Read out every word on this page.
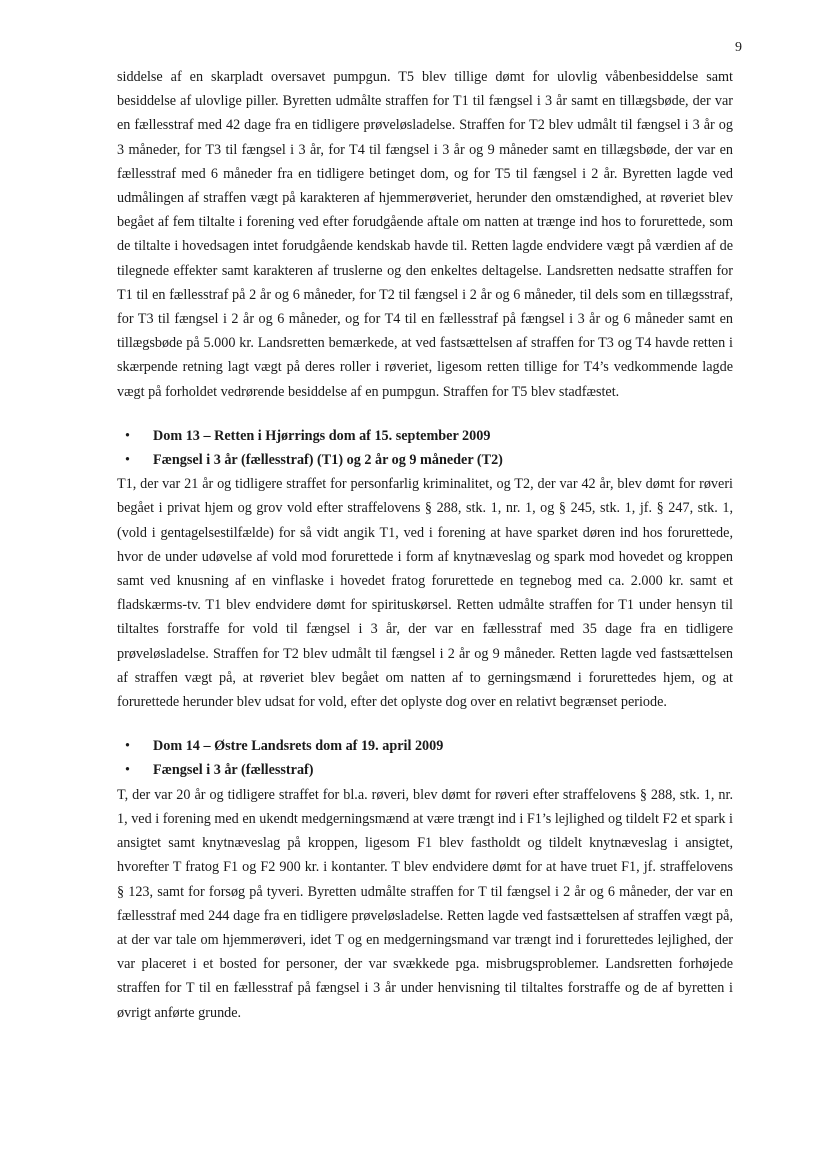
9

siddelse af en skarpladt oversavet pumpgun. T5 blev tillige dømt for ulovlig våbenbesiddelse samt besiddelse af ulovlige piller. Byretten udmålte straffen for T1 til fængsel i 3 år samt en tillægsbøde, der var en fællesstraf med 42 dage fra en tidligere prøveløsladelse. Straffen for T2 blev udmålt til fængsel i 3 år og 3 måneder, for T3 til fængsel i 3 år, for T4 til fængsel i 3 år og 9 måneder samt en tillægsbøde, der var en fællesstraf med 6 måneder fra en tidligere betinget dom, og for T5 til fængsel i 2 år. Byretten lagde ved udmålingen af straffen vægt på karakteren af hjemmerøveriet, herunder den omstændighed, at røveriet blev begået af fem tiltalte i forening ved efter forudgående aftale om natten at trænge ind hos to forurettede, som de tiltalte i hovedsagen intet forudgående kendskab havde til. Retten lagde endvidere vægt på værdien af de tilegnede effekter samt karakteren af truslerne og den enkeltes deltagelse. Landsretten nedsatte straffen for T1 til en fællesstraf på 2 år og 6 måneder, for T2 til fængsel i 2 år og 6 måneder, til dels som en tillægsstraf, for T3 til fængsel i 2 år og 6 måneder, og for T4 til en fællesstraf på fængsel i 3 år og 6 måneder samt en tillægsbøde på 5.000 kr. Landsretten bemærkede, at ved fastsættelsen af straffen for T3 og T4 havde retten i skærpende retning lagt vægt på deres roller i røveriet, ligesom retten tillige for T4’s vedkommende lagde vægt på forholdet vedrørende besiddelse af en pumpgun. Straffen for T5 blev stadfæstet.

• Dom 13 – Retten i Hjørrings dom af 15. september 2009
• Fængsel i 3 år (fællesstraf) (T1) og 2 år og 9 måneder (T2)

T1, der var 21 år og tidligere straffet for personfarlig kriminalitet, og T2, der var 42 år, blev dømt for røveri begået i privat hjem og grov vold efter straffelovens § 288, stk. 1, nr. 1, og § 245, stk. 1, jf. § 247, stk. 1, (vold i gentagelsestilfælde) for så vidt angik T1, ved i forening at have sparket døren ind hos forurettede, hvor de under udøvelse af vold mod forurettede i form af knytnæveslag og spark mod hovedet og kroppen samt ved knusning af en vinflaske i hovedet fratog forurettede en tegnebog med ca. 2.000 kr. samt et fladskærms-tv. T1 blev endvidere dømt for spirituskørsel. Retten udmålte straffen for T1 under hensyn til tiltaltes forstraffe for vold til fængsel i 3 år, der var en fællesstraf med 35 dage fra en tidligere prøveløsladelse. Straffen for T2 blev udmålt til fængsel i 2 år og 9 måneder. Retten lagde ved fastsættelsen af straffen vægt på, at røveriet blev begået om natten af to gerningsmænd i forurettedes hjem, og at forurettede herunder blev udsat for vold, efter det oplyste dog over en relativt begrænset periode.

• Dom 14 – Østre Landsrets dom af 19. april 2009
• Fængsel i 3 år (fællesstraf)

T, der var 20 år og tidligere straffet for bl.a. røveri, blev dømt for røveri efter straffelovens § 288, stk. 1, nr. 1, ved i forening med en ukendt medgerningsmænd at være trængt ind i F1’s lejlighed og tildelt F2 et spark i ansigtet samt knytnæveslag på kroppen, ligesom F1 blev fastholdt og tildelt knytnæveslag i ansigtet, hvorefter T fratog F1 og F2 900 kr. i kontanter. T blev endvidere dømt for at have truet F1, jf. straffelovens § 123, samt for forsøg på tyveri. Byretten udmålte straffen for T til fængsel i 2 år og 6 måneder, der var en fællesstraf med 244 dage fra en tidligere prøveløsladelse. Retten lagde ved fastsættelsen af straffen vægt på, at der var tale om hjemmerøveri, idet T og en medgerningsmand var trængt ind i forurettedes lejlighed, der var placeret i et bosted for personer, der var svækkede pga. misbrugsproblemer. Landsretten forhøjede straffen for T til en fællesstraf på fængsel i 3 år under henvisning til tiltaltes forstraffe og de af byretten i øvrigt anførte grunde.
